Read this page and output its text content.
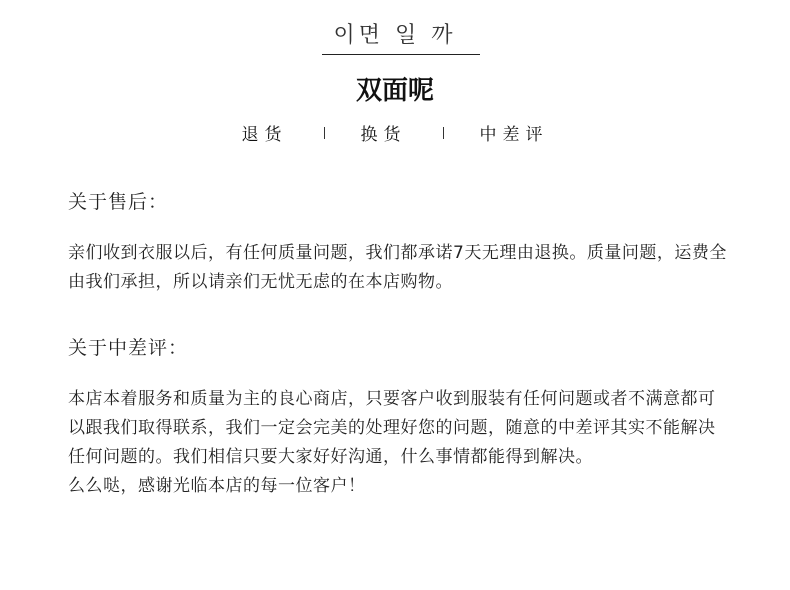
이면 일 까
双面呢
退货	换货	中差评
关于售后：

亲们收到衣服以后，有任何质量问题，我们都承诺7天无理由退换。质量问题，运费全由我们承担，所以请亲们无忧无虑的在本店购物。

关于中差评：

本店本着服务和质量为主的良心商店，只要客户收到服装有任何问题或者不满意都可以跟我们取得联系，我们一定会完美的处理好您的问题，随意的中差评其实不能解决任何问题的。我们相信只要大家好好沟通，什么事情都能得到解决。

么么哒，感谢光临本店的每一位客户！
